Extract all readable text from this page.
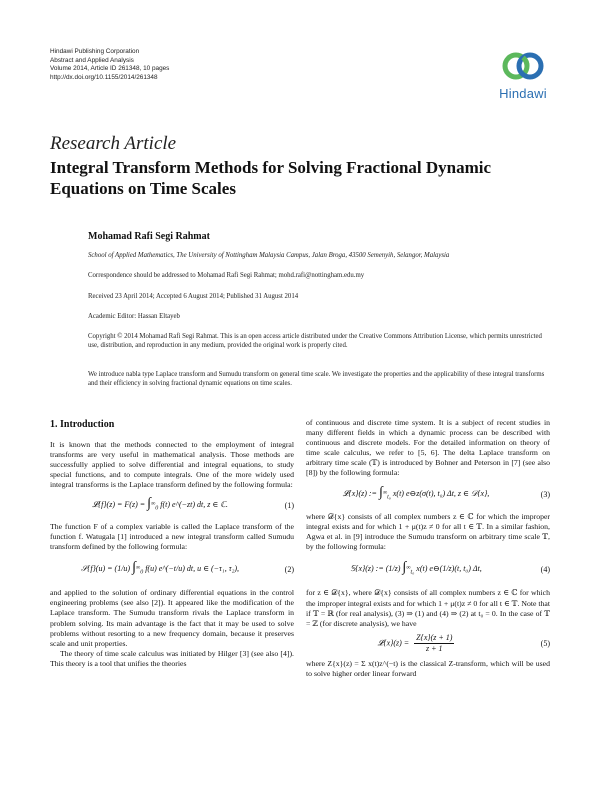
Hindawi Publishing Corporation
Abstract and Applied Analysis
Volume 2014, Article ID 261348, 10 pages
http://dx.doi.org/10.1155/2014/261348
Hindawi
Research Article
Integral Transform Methods for Solving Fractional Dynamic Equations on Time Scales
Mohamad Rafi Segi Rahmat
School of Applied Mathematics, The University of Nottingham Malaysia Campus, Jalan Broga, 43500 Semenyih, Selangor, Malaysia
Correspondence should be addressed to Mohamad Rafi Segi Rahmat; mohd.rafi@nottingham.edu.my
Received 23 April 2014; Accepted 6 August 2014; Published 31 August 2014
Academic Editor: Hassan Eltayeb
Copyright © 2014 Mohamad Rafi Segi Rahmat. This is an open access article distributed under the Creative Commons Attribution License, which permits unrestricted use, distribution, and reproduction in any medium, provided the original work is properly cited.
We introduce nabla type Laplace transform and Sumudu transform on general time scale. We investigate the properties and the applicability of these integral transforms and their efficiency in solving fractional dynamic equations on time scales.
1. Introduction

It is known that the methods connected to the employment of integral transforms are very useful in mathematical analysis. Those methods are successfully applied to solve differential and integral equations, to study special functions, and to compute integrals. One of the more widely used integral transforms is the Laplace transform defined by the following formula:

𝓛{f}(z) = $F(z) = \int^\infty_0$ f(t) e^(−zt) dt, z ∈ ℂ.	(1)

The function F of a complex variable is called the Laplace transform of the function f. Watugala [1] introduced a new integral transform called Sumudu transform defined by the following formula:

𝒮{f}(u) = (1/u) $\int^\infty_0$ f(u) e^(−t/u) dt, u ∈ (−τ₁, τ₂),	(2)

and applied to the solution of ordinary differential equations in the control engineering problems (see also [2]). It appeared like the modification of the Laplace transform. The Sumudu transform rivals the Laplace transform in problem solving. Its main advantage is the fact that it may be used to solve problems without resorting to a new frequency domain, because it preserves scale and unit properties.

The theory of time scale calculus was initiated by Hilger [3] (see also [4]). This theory is a tool that unifies the theories

of continuous and discrete time system. It is a subject of recent studies in many different fields in which a dynamic process can be described with continuous and discrete models. For the detailed information on theory of time scale calculus, we refer to [5, 6]. The delta Laplace transform on arbitrary time scale (𝕋) is introduced by Bohner and Peterson in [7] (see also [8]) by the following formula:

𝓛{x}(z) := $\int^\infty_{t_0}$ x(t) e⊖z(σ(t), t₀) Δt, z ∈ 𝒟{x},	(3)

where 𝒟{x} consists of all complex numbers z ∈ ℂ for which the improper integral exists and for which 1 + μ(t)z ≠ 0 for all t ∈ 𝕋. In a similar fashion, Agwa et al. in [9] introduce the Sumudu transform on arbitrary time scale 𝕋, by the following formula:

𝕊{x}(z) := (1/z) $\int^\infty_{t_0}$ x(t) e⊖(1/z)(t, t₀) Δt,	(4)

for z ∈ 𝒟{x}, where 𝒟{x} consists of all complex numbers z ∈ ℂ for which the improper integral exists and for which 1 + μ(t)z ≠ 0 for all t ∈ 𝕋. Note that if 𝕋 = ℝ (for real analysis), (3) ⇒ (1) and (4) ⇒ (2) at t₀ = 0. In the case of 𝕋 = ℤ (for discrete analysis), we have

𝓛{x}(z) = $\frac{Z\{x\}(z + 1)}{z + 1}$	(5)

where Z{x}(z) = Σ x(t)z^(−t) is the classical Z-transform, which will be used to solve higher order linear forward
